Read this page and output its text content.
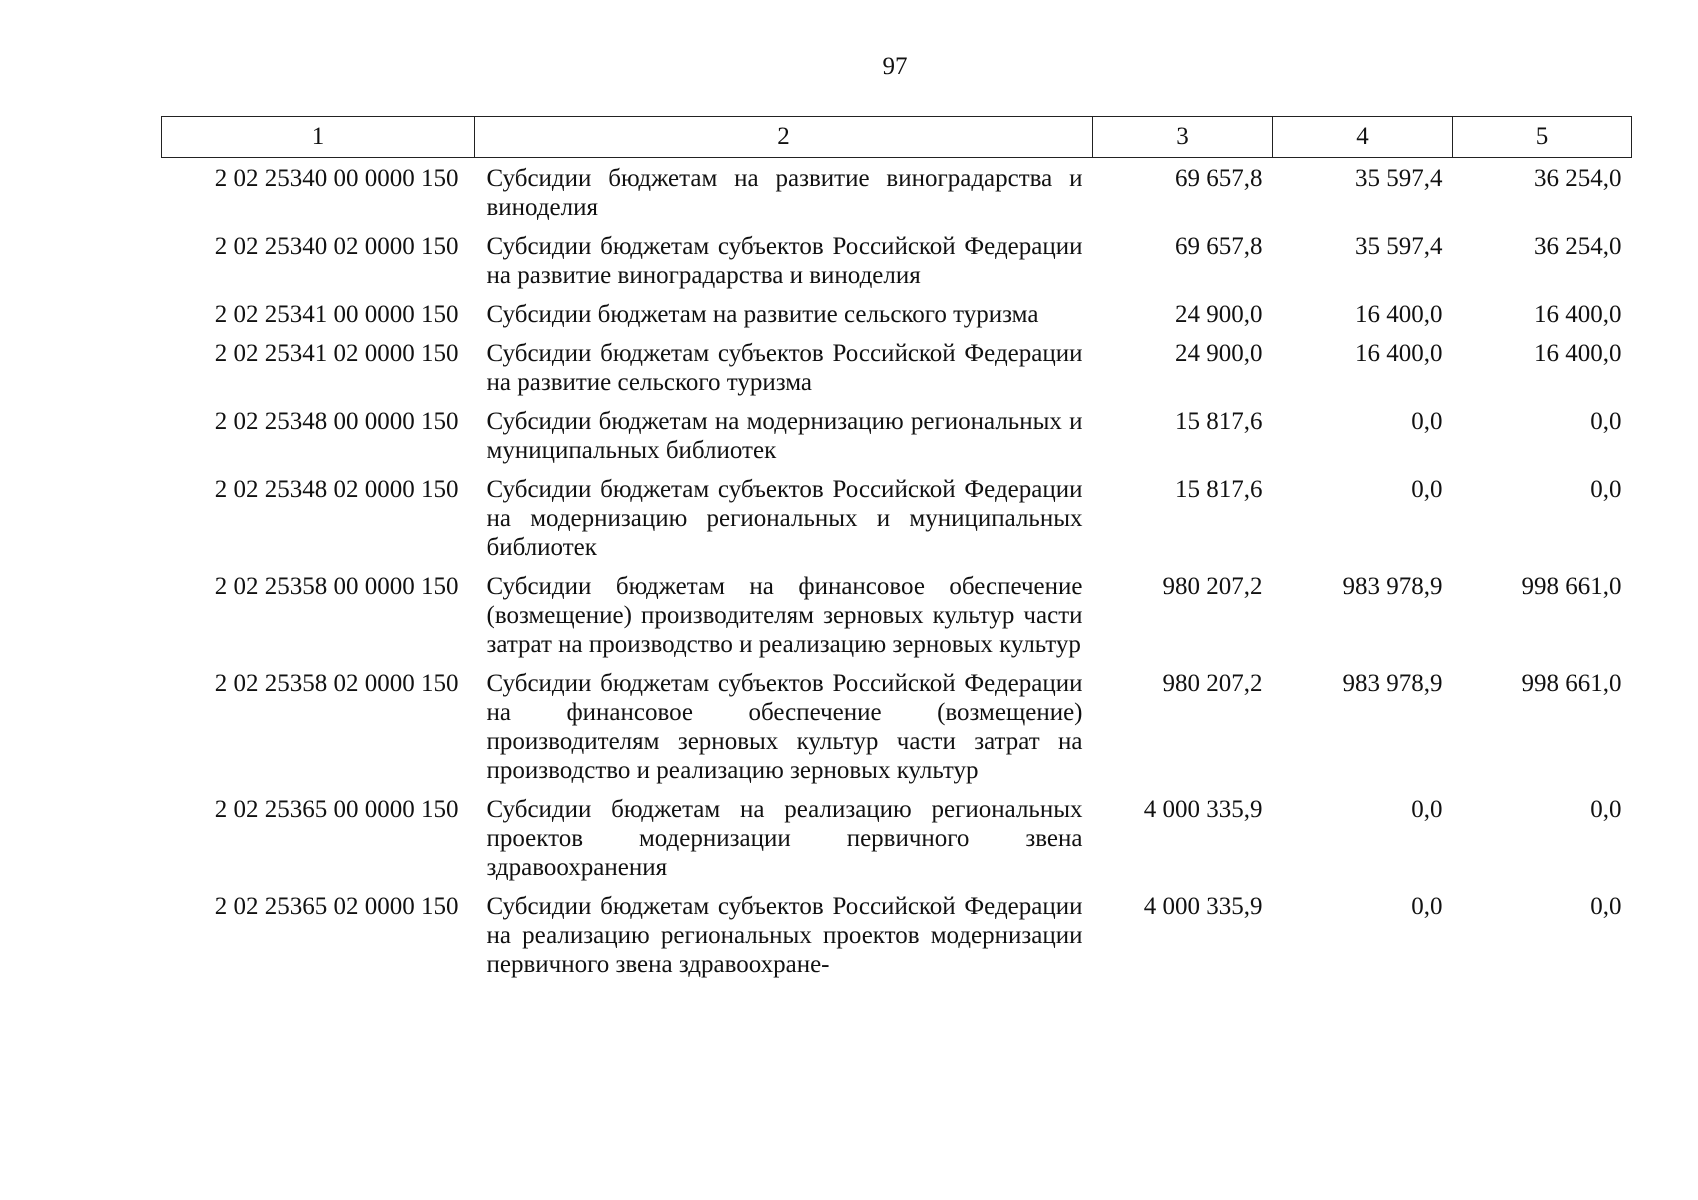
97
1	2	3	4	5
2 02 25340 00 0000 150	Субсидии бюджетам на развитие виноградарства и виноделия	69 657,8	35 597,4	36 254,0
2 02 25340 02 0000 150	Субсидии бюджетам субъектов Российской Федерации на развитие виноградарства и виноделия	69 657,8	35 597,4	36 254,0
2 02 25341 00 0000 150	Субсидии бюджетам на развитие сельского туризма	24 900,0	16 400,0	16 400,0
2 02 25341 02 0000 150	Субсидии бюджетам субъектов Российской Федерации на развитие сельского туризма	24 900,0	16 400,0	16 400,0
2 02 25348 00 0000 150	Субсидии бюджетам на модернизацию региональных и муниципальных библиотек	15 817,6	0,0	0,0
2 02 25348 02 0000 150	Субсидии бюджетам субъектов Российской Федерации на модернизацию региональных и муниципальных библиотек	15 817,6	0,0	0,0
2 02 25358 00 0000 150	Субсидии бюджетам на финансовое обеспечение (возмещение) производителям зерновых культур части затрат на производство и реализацию зерновых культур	980 207,2	983 978,9	998 661,0
2 02 25358 02 0000 150	Субсидии бюджетам субъектов Российской Федерации на финансовое обеспечение (возмещение) производителям зерновых культур части затрат на производство и реализацию зерновых культур	980 207,2	983 978,9	998 661,0
2 02 25365 00 0000 150	Субсидии бюджетам на реализацию региональных проектов модернизации первичного звена здравоохранения	4 000 335,9	0,0	0,0
2 02 25365 02 0000 150	Субсидии бюджетам субъектов Российской Федерации на реализацию региональных проектов модернизации первичного звена здравоохране-	4 000 335,9	0,0	0,0
